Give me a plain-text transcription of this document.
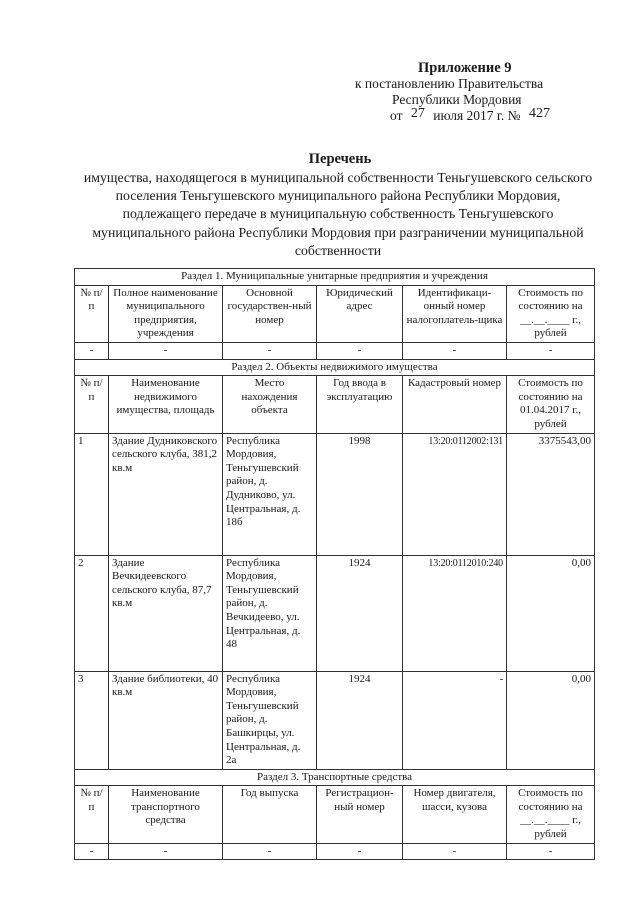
Приложение 9
к постановлению Правительства
Республики Мордовия
от 27 июля 2017 г. № 427
Перечень
имущества, находящегося в муниципальной собственности Теньгушевского сельского поселения Теньгушевского муниципального района Республики Мордовия, подлежащего передаче в муниципальную собственность Теньгушевского муниципального района Республики Мордовия при разграничении муниципальной собственности
Раздел 1. Муниципальные унитарные предприятия и учреждения					
№ п/п	Полное наименование муниципального предприятия, учреждения	Основной государствен-ный номер	Юридический адрес	Идентификаци-онный номер налогоплатель-щика	Стоимость по состоянию на __.__.____ г., рублей
-	-	-	-	-	-
Раздел 2. Объекты недвижимого имущества					
№ п/п	Наименование недвижимого имущества, площадь	Место нахождения объекта	Год ввода в эксплуатацию	Кадастровый номер	Стоимость по состоянию на 01.04.2017 г., рублей
1	Здание Дудниковского сельского клуба, 381,2 кв.м	Республика Мордовия, Теньгушевский район, д. Дудниково, ул. Центральная, д. 18б	1998	13:20:0112002:131	3375543,00
2	Здание Вечкидеевского сельского клуба, 87,7 кв.м	Республика Мордовия, Теньгушевский район, д. Вечкидеево, ул. Центральная, д. 48	1924	13:20:0112010:240	0,00
3	Здание библиотеки, 40 кв.м	Республика Мордовия, Теньгушевский район, д. Башкирцы, ул. Центральная, д. 2а	1924	-	0,00
Раздел 3. Транспортные средства					
№ п/п	Наименование транспортного средства	Год выпуска	Регистрацион-ный номер	Номер двигателя, шасси, кузова	Стоимость по состоянию на __.__.____ г., рублей
-	-	-	-	-	-
